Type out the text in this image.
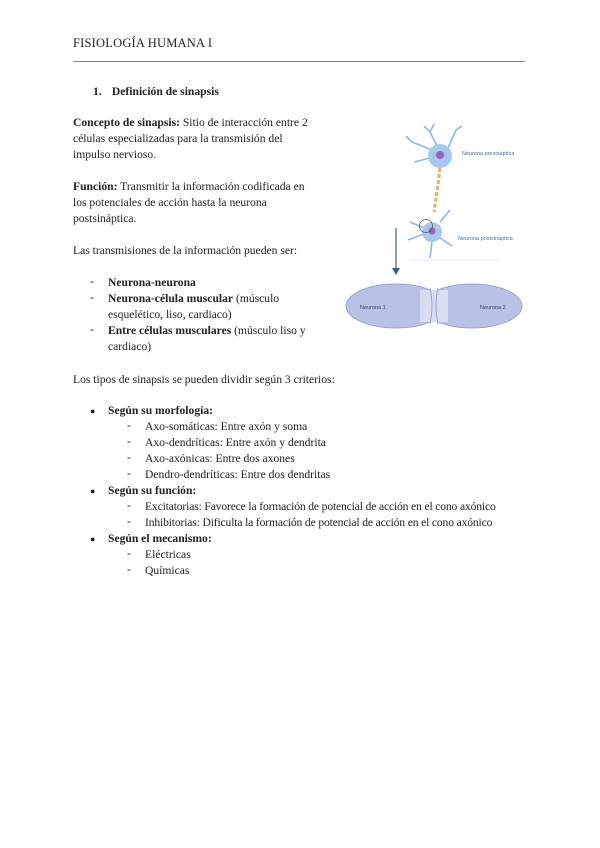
FISIOLOGÍA HUMANA I
1. Definición de sinapsis
Concepto de sinapsis: Sitio de interacción entre 2
células especializadas para la transmisión del
impulso nervioso.
Función: Transmitir la información codificada en
los potenciales de acción hasta la neurona
postsináptica.
Las transmisiones de la información pueden ser:
- Neurona-neurona
- Neurona-célula muscular (músculo
esquelético, liso, cardiaco)
- Entre células musculares (músculo liso y
cardiaco)
Los tipos de sinapsis se pueden dividir según 3 criterios:
● Según su morfología:
- Axo-somáticas: Entre axón y soma
- Axo-dendríticas: Entre axón y dendrita
- Axo-axónicas: Entre dos axones
- Dendro-dendríticas: Entre dos dendritas
● Según su función:
- Excitatorias: Favorece la formación de potencial de acción en el cono axónico
- Inhibitorias: Dificulta la formación de potencial de acción en el cono axónico
● Según el mecanismo:
- Eléctricas
- Químicas
Neurona presináptica
Neurona postsináptica
Neurona 1	Neurona 2
